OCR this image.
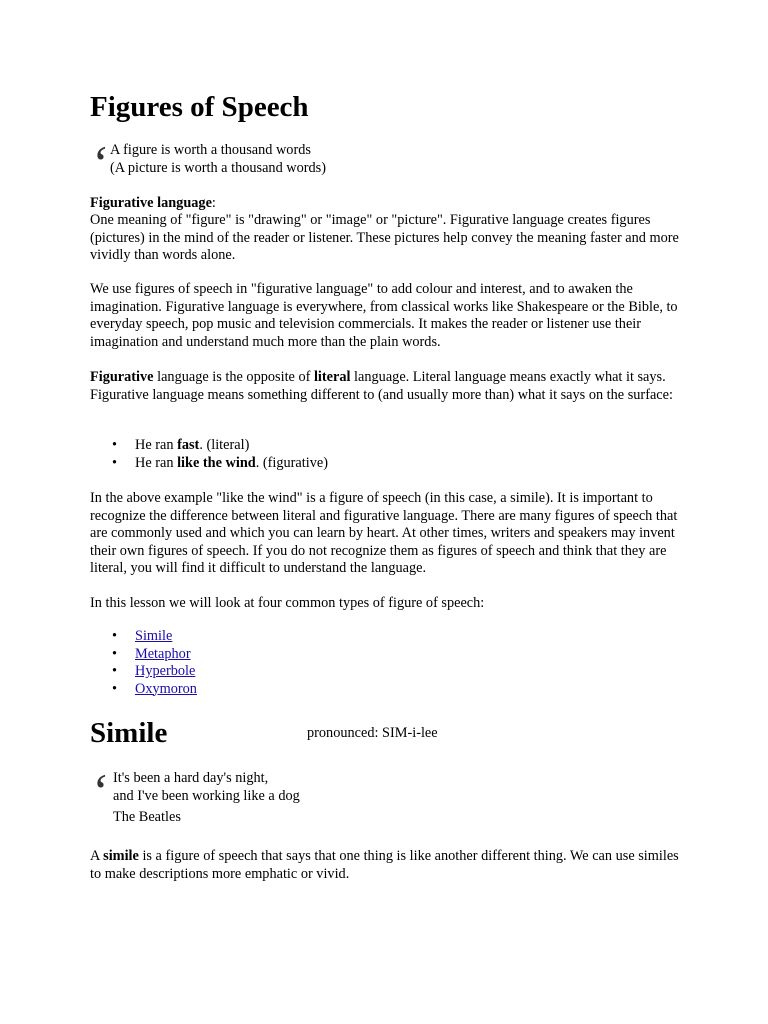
Figures of Speech
‘ A figure is worth a thousand words
(A picture is worth a thousand words)

Figurative language:

One meaning of "figure" is "drawing" or "image" or "picture". Figurative language creates figures (pictures) in the mind of the reader or listener. These pictures help convey the meaning faster and more vividly than words alone.

We use figures of speech in "figurative language" to add colour and interest, and to awaken the imagination. Figurative language is everywhere, from classical works like Shakespeare or the Bible, to everyday speech, pop music and television commercials. It makes the reader or listener use their imagination and understand much more than the plain words.

Figurative language is the opposite of literal language. Literal language means exactly what it says. Figurative language means something different to (and usually more than) what it says on the surface:

• He ran fast. (literal)
• He ran like the wind. (figurative)

In the above example "like the wind" is a figure of speech (in this case, a simile). It is important to recognize the difference between literal and figurative language. There are many figures of speech that are commonly used and which you can learn by heart. At other times, writers and speakers may invent their own figures of speech. If you do not recognize them as figures of speech and think that they are literal, you will find it difficult to understand the language.

In this lesson we will look at four common types of figure of speech:

• Simile
• Metaphor
• Hyperbole
• Oxymoron
Simile	pronounced: SIM-i-lee
‘ It's been a hard day's night,
and I've been working like a dog
The Beatles

A simile is a figure of speech that says that one thing is like another different thing. We can use similes to make descriptions more emphatic or vivid.
